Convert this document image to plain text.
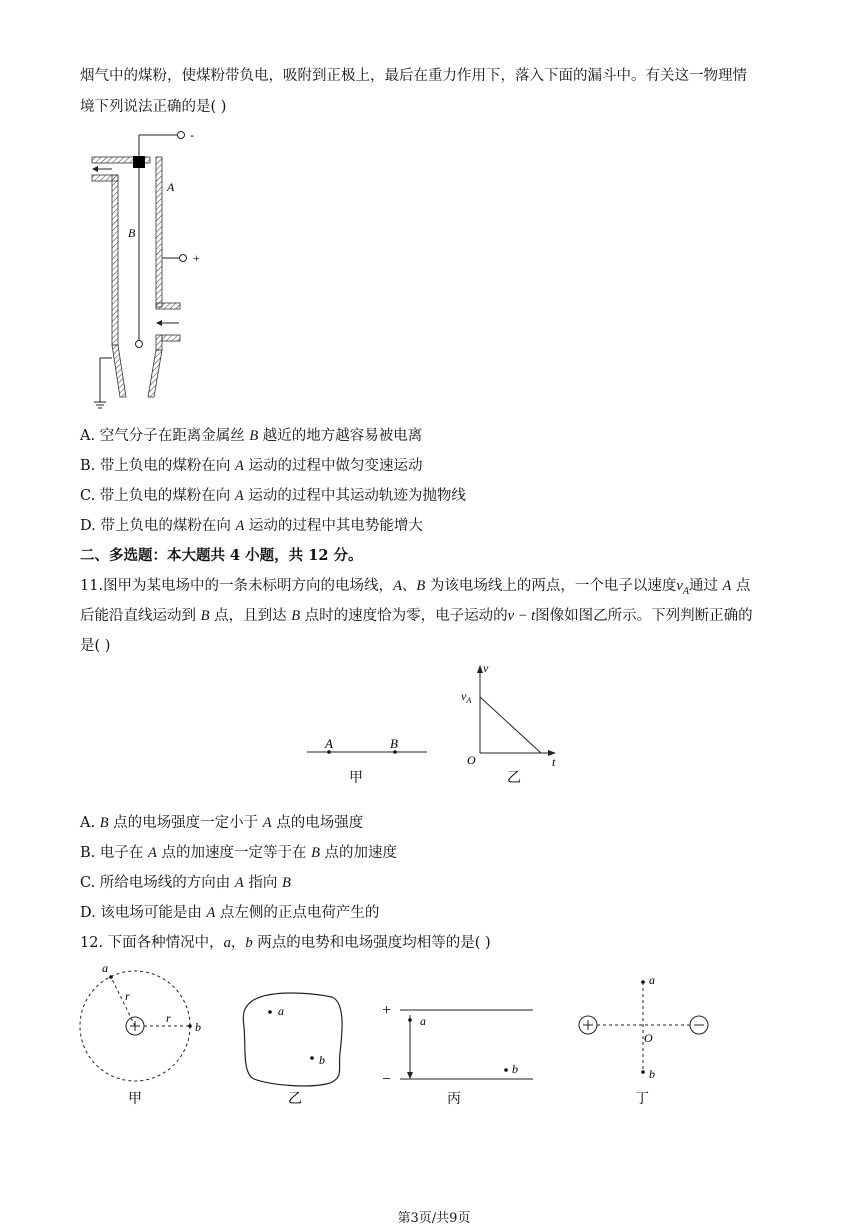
烟气中的煤粉，使煤粉带负电，吸附到正极上，最后在重力作用下，落入下面的漏斗中。有关这一物理情
境下列说法正确的是( )
-
B
+
A
A. 空气分子在距离金属丝 B 越近的地方越容易被电离
B. 带上负电的煤粉在向 A 运动的过程中做匀变速运动
C. 带上负电的煤粉在向 A 运动的过程中其运动轨迹为抛物线
D. 带上负电的煤粉在向 A 运动的过程中其电势能增大
二、多选题：本大题共 4 小题，共 12 分。
11.图甲为某电场中的一条未标明方向的电场线，A、B 为该电场线上的两点，一个电子以速度$v_A$通过 A 点
后能沿直线运动到 B 点，且到达 B 点时的速度恰为零，电子运动的v − t图像如图乙所示。下列判断正确的
是( )
A	B
甲
v
$v_A$
O	t
乙
A. B 点的电场强度一定小于 A 点的电场强度
B. 电子在 A 点的加速度一定等于在 B 点的加速度
C. 所给电场线的方向由 A 指向 B
D. 该电场可能是由 A 点左侧的正点电荷产生的
12. 下面各种情况中，a，b 两点的电势和电场强度均相等的是( )
a
r
r
b
甲
a
b
乙
+
−
a
b
丙
a
O
b
丁
第3页/共9页
